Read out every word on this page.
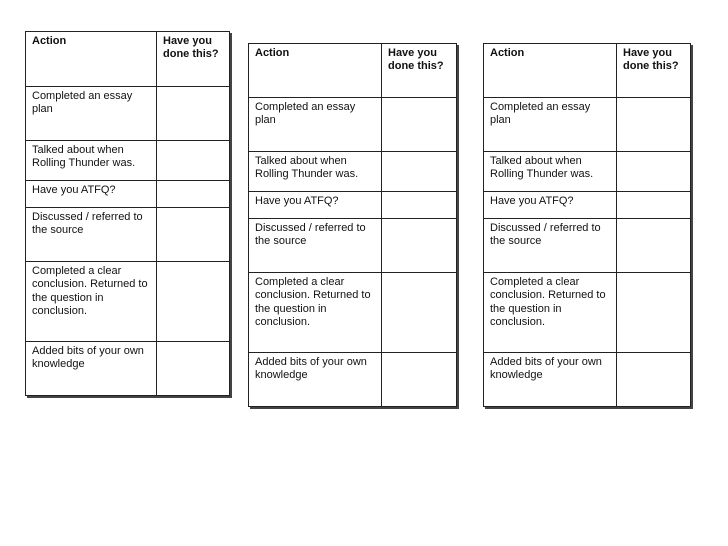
Action	Have you done this?
Completed an essay plan	
Talked about when Rolling Thunder was.	
Have you ATFQ?	
Discussed / referred to the source	
Completed a clear conclusion. Returned to the question in conclusion.	
Added bits of your own knowledge	
Action	Have you done this?
Completed an essay plan	
Talked about when Rolling Thunder was.	
Have you ATFQ?	
Discussed / referred to the source	
Completed a clear conclusion. Returned to the question in conclusion.	
Added bits of your own knowledge	
Action	Have you done this?
Completed an essay plan	
Talked about when Rolling Thunder was.	
Have you ATFQ?	
Discussed / referred to the source	
Completed a clear conclusion. Returned to the question in conclusion.	
Added bits of your own knowledge	
